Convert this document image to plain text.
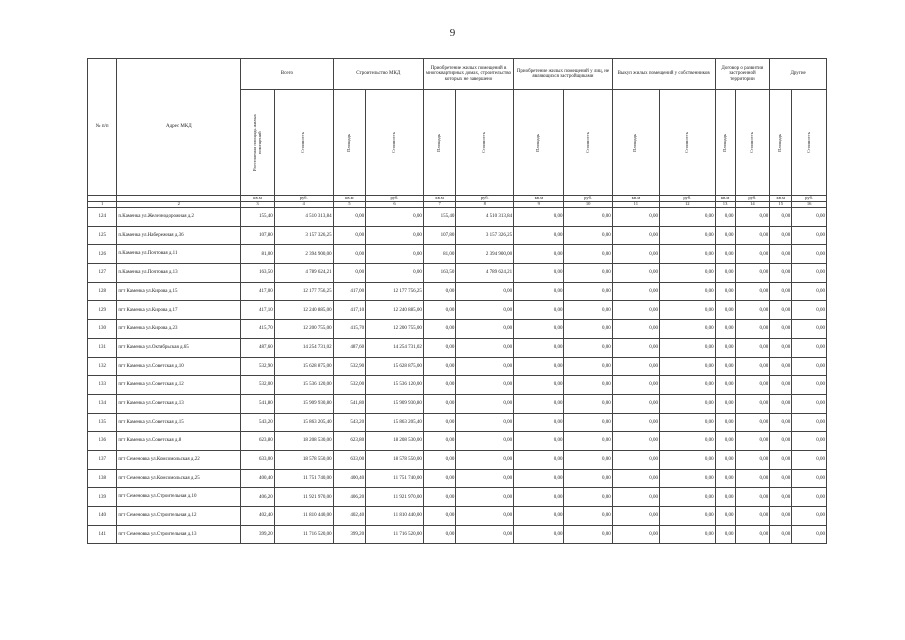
9
№ п/п	Адрес МКД	Всего		Строительство МКД		Приобретение жилых помещений в многоквартирных домах, строительство которых не завершено		Приобретение жилых помещений у лиц, не являющихся застройщиками		Выкуп жилых помещений у собственников		Договор о развитии застроенной территории		Другие	

		Расселяемая площадь жилых помещений	Стоимость	Площадь	Стоимость	Площадь	Стоимость	Площадь	Стоимость	Площадь	Стоимость	Площадь	Стоимость	Площадь	Стоимость

		кв.м	руб.	кв.м	руб.	кв.м	руб.	кв.м	руб.	кв.м	руб.	кв.м	руб.	кв.м	руб.
1	2	3	4	5	6	7	8	9	10	11	12	13	14	15	16
124	п.Каменка ул.Железнодорожная д.2	155,40	4 510 313,84	0,00	0,00	155,40	4 510 313,84	0,00	0,00	0,00	0,00	0,00	0,00	0,00	0,00
125	п.Каменка ул.Набережная д.36	107,80	3 157 326,25	0,00	0,00	107,80	3 157 326,25	0,00	0,00	0,00	0,00	0,00	0,00	0,00	0,00
126	п.Каменка ул.Почтовая д.11	81,00	2 394 900,00	0,00	0,00	81,00	2 394 900,00	0,00	0,00	0,00	0,00	0,00	0,00	0,00	0,00
127	п.Каменка ул.Почтовая д.13	163,50	4 789 624,21	0,00	0,00	163,50	4 789 624,21	0,00	0,00	0,00	0,00	0,00	0,00	0,00	0,00
128	пгт Каменка ул.Кирова д.15	417,00	12 177 756,25	417,00	12 177 756,25	0,00	0,00	0,00	0,00	0,00	0,00	0,00	0,00	0,00	0,00
129	пгт Каменка ул.Кирова д.17	417,10	12 240 885,00	417,10	12 240 885,00	0,00	0,00	0,00	0,00	0,00	0,00	0,00	0,00	0,00	0,00
130	пгт Каменка ул.Кирова д.23	415,70	12 200 755,00	415,70	12 200 755,00	0,00	0,00	0,00	0,00	0,00	0,00	0,00	0,00	0,00	0,00
131	пгт Каменка ул.Октябрьская д.65	487,60	14 254 731,02	487,60	14 254 731,02	0,00	0,00	0,00	0,00	0,00	0,00	0,00	0,00	0,00	0,00
132	пгт Каменка ул.Советская д.10	532,90	15 628 875,00	532,90	15 628 875,00	0,00	0,00	0,00	0,00	0,00	0,00	0,00	0,00	0,00	0,00
133	пгт Каменка ул.Советская д.12	532,00	15 536 120,00	532,00	15 536 120,00	0,00	0,00	0,00	0,00	0,00	0,00	0,00	0,00	0,00	0,00
134	пгт Каменка ул.Советская д.13	541,80	15 909 930,80	541,80	15 909 930,80	0,00	0,00	0,00	0,00	0,00	0,00	0,00	0,00	0,00	0,00
135	пгт Каменка ул.Советская д.15	543,20	15 863 205,40	543,20	15 863 205,40	0,00	0,00	0,00	0,00	0,00	0,00	0,00	0,00	0,00	0,00
136	пгт Каменка ул.Советская д.8	623,80	18 208 530,00	623,80	18 208 530,00	0,00	0,00	0,00	0,00	0,00	0,00	0,00	0,00	0,00	0,00
137	пгт Семеновка ул.Комсомольская д.22	633,00	18 578 550,00	633,00	18 578 550,00	0,00	0,00	0,00	0,00	0,00	0,00	0,00	0,00	0,00	0,00
138	пгт Семеновка ул.Комсомольская д.25	400,40	11 751 740,00	400,40	11 751 740,00	0,00	0,00	0,00	0,00	0,00	0,00	0,00	0,00	0,00	0,00
139	пгт Семеновка ул.Строительная д.10	406,20	11 921 970,00	406,20	11 921 970,00	0,00	0,00	0,00	0,00	0,00	0,00	0,00	0,00	0,00	0,00
140	пгт Семеновка ул.Строительная д.12	402,40	11 810 440,00	402,40	11 810 440,00	0,00	0,00	0,00	0,00	0,00	0,00	0,00	0,00	0,00	0,00
141	пгт Семеновка ул.Строительная д.13	399,20	11 716 520,00	399,20	11 716 520,00	0,00	0,00	0,00	0,00	0,00	0,00	0,00	0,00	0,00	0,00
